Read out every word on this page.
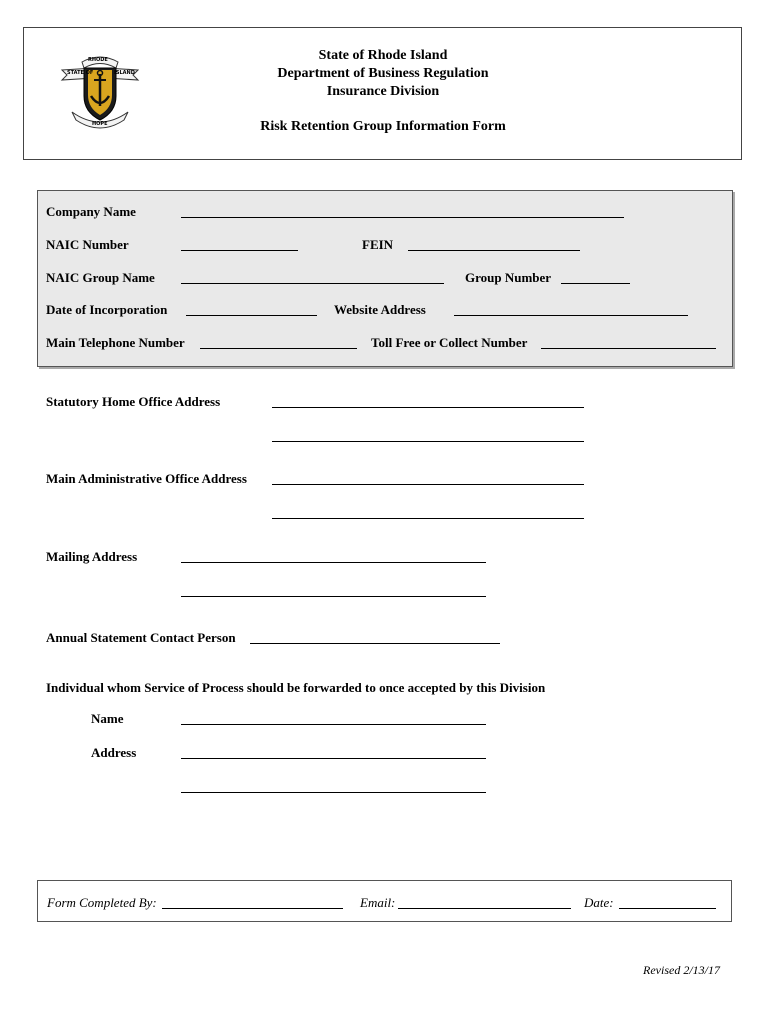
RHODE
STATE OF	ISLAND
HOPE
State of Rhode Island
Department of Business Regulation
Insurance Division
Risk Retention Group Information Form
Company Name
NAIC Number	FEIN
NAIC Group Name	Group Number
Date of Incorporation	Website Address
Main Telephone Number	Toll Free or Collect Number
Statutory Home Office Address
Main Administrative Office Address
Mailing Address
Annual Statement Contact Person
Individual whom Service of Process should be forwarded to once accepted by this Division
Name
Address
Form Completed By:	Email:	Date:
Revised 2/13/17
